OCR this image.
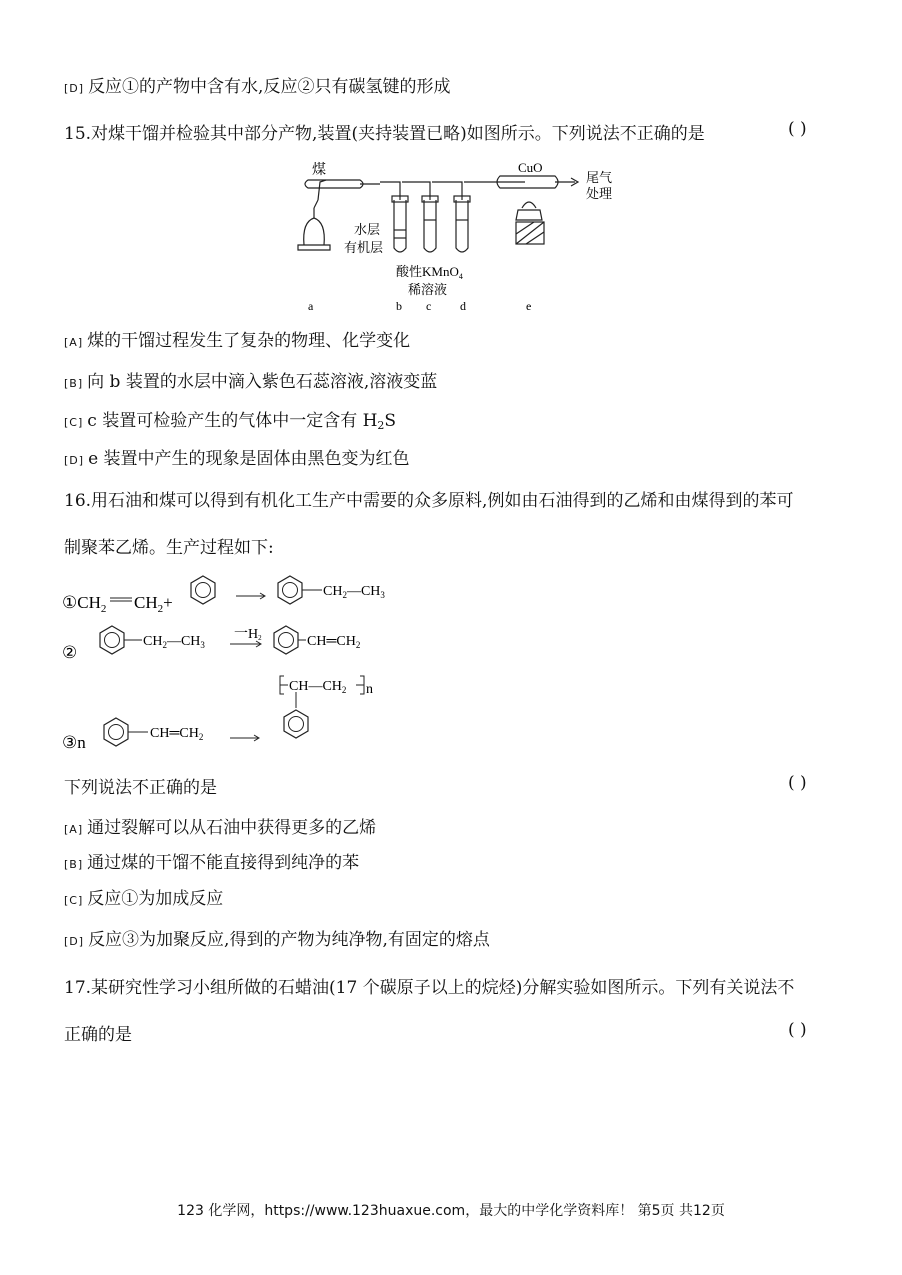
[D] 反应①的产物中含有水,反应②只有碳氢键的形成
15.对煤干馏并检验其中部分产物,装置(夹持装置已略)如图所示。下列说法不正确的是	( )
煤	CuO
尾气
处理
水层
有机层
酸性KMnO$_4$
稀溶液
a	b c d	e
[A] 煤的干馏过程发生了复杂的物理、化学变化
[B] 向 b 装置的水层中滴入紫色石蕊溶液,溶液变蓝
[C] c 装置可检验产生的气体中一定含有 $H_2S$
[D] e 装置中产生的现象是固体由黑色变为红色
16.用石油和煤可以得到有机化工生产中需要的众多原料,例如由石油得到的乙烯和由煤得到的苯可
制聚苯乙烯。生产过程如下:
$①CH_2$ $CH_2+$
$CH_2—CH_3$
②
$CH_2—CH_3$
一H2	$CH═CH_2$
③n	$CH═CH_2$
$CH—CH_2$ n
下列说法不正确的是	( )
[A] 通过裂解可以从石油中获得更多的乙烯
[B] 通过煤的干馏不能直接得到纯净的苯
[C] 反应①为加成反应
[D] 反应③为加聚反应,得到的产物为纯净物,有固定的熔点
17.某研究性学习小组所做的石蜡油(17 个碳原子以上的烷烃)分解实验如图所示。下列有关说法不
正确的是	( )
123 化学网，https://www.123huaxue.com，最大的中学化学资料库！ 第5页 共12页
